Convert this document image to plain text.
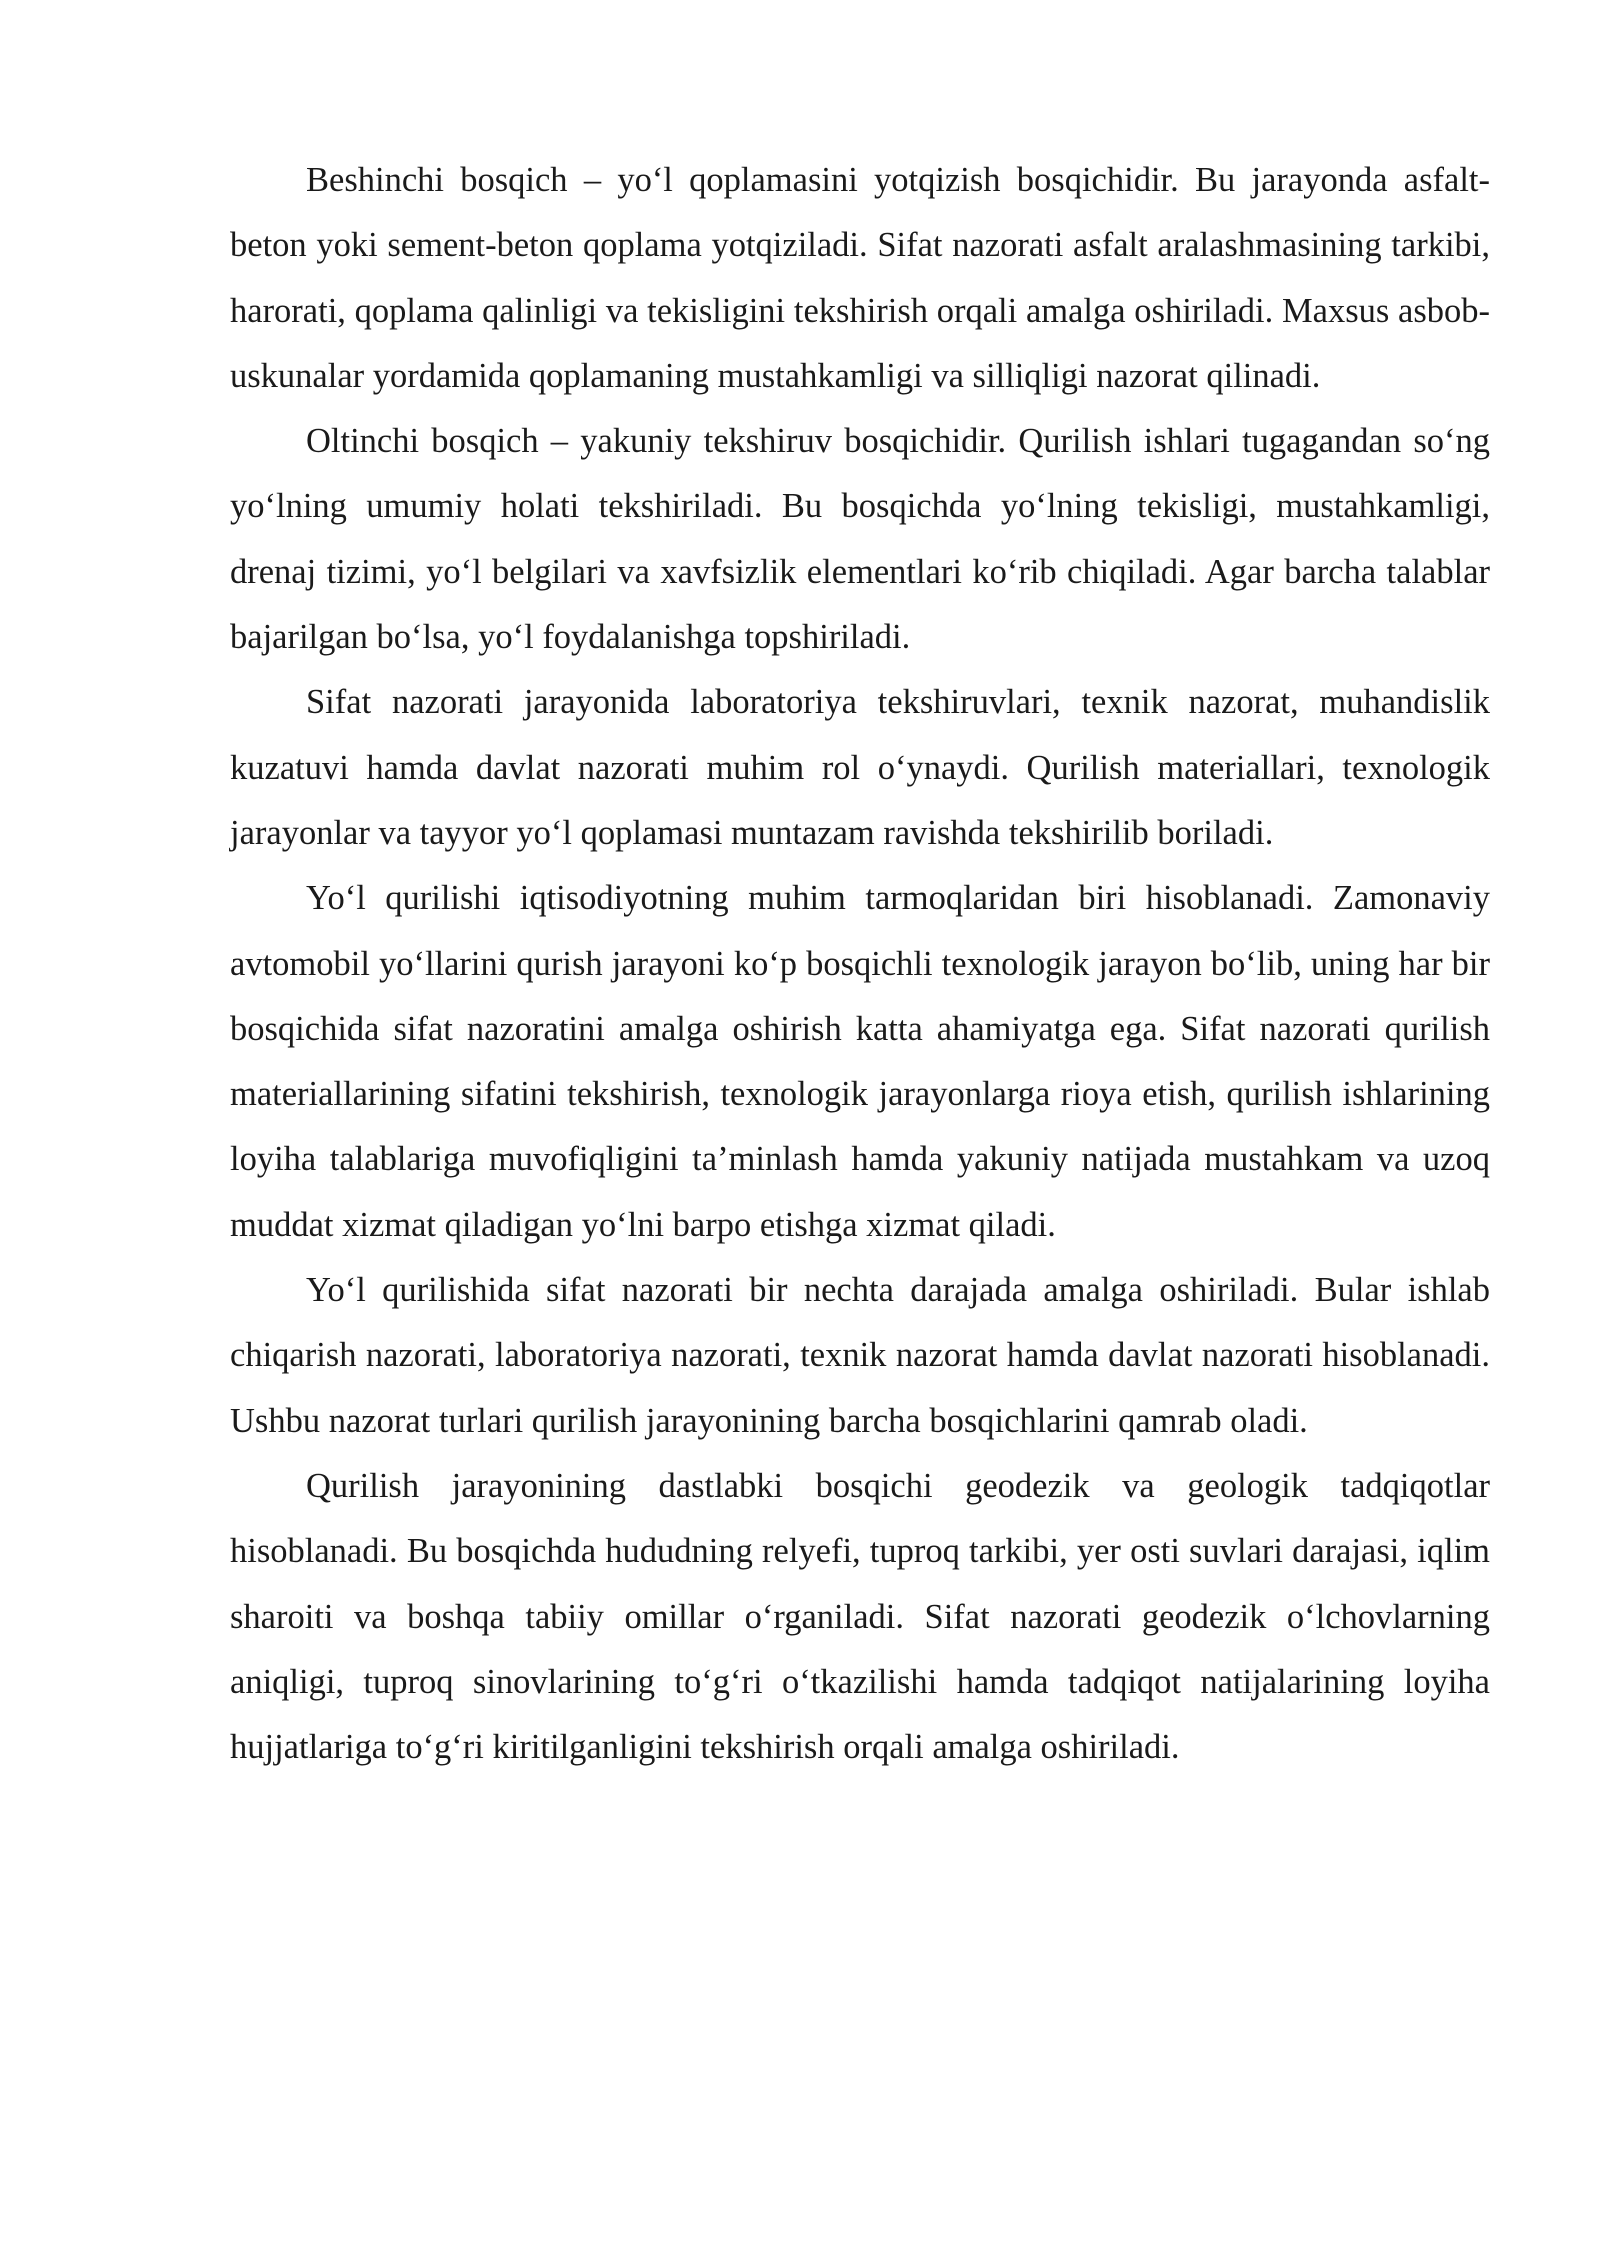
Beshinchi bosqich – yo‘l qoplamasini yotqizish bosqichidir. Bu jarayonda asfalt-beton yoki sement-beton qoplama yotqiziladi. Sifat nazorati asfalt aralashmasining tarkibi, harorati, qoplama qalinligi va tekisligini tekshirish orqali amalga oshiriladi. Maxsus asbob-uskunalar yordamida qoplamaning mustahkamligi va silliqligi nazorat qilinadi.

Oltinchi bosqich – yakuniy tekshiruv bosqichidir. Qurilish ishlari tugagandan so‘ng yo‘lning umumiy holati tekshiriladi. Bu bosqichda yo‘lning tekisligi, mustahkamligi, drenaj tizimi, yo‘l belgilari va xavfsizlik elementlari ko‘rib chiqiladi. Agar barcha talablar bajarilgan bo‘lsa, yo‘l foydalanishga topshiriladi.

Sifat nazorati jarayonida laboratoriya tekshiruvlari, texnik nazorat, muhandislik kuzatuvi hamda davlat nazorati muhim rol o‘ynaydi. Qurilish materiallari, texnologik jarayonlar va tayyor yo‘l qoplamasi muntazam ravishda tekshirilib boriladi.

Yo‘l qurilishi iqtisodiyotning muhim tarmoqlaridan biri hisoblanadi. Zamonaviy avtomobil yo‘llarini qurish jarayoni ko‘p bosqichli texnologik jarayon bo‘lib, uning har bir bosqichida sifat nazoratini amalga oshirish katta ahamiyatga ega. Sifat nazorati qurilish materiallarining sifatini tekshirish, texnologik jarayonlarga rioya etish, qurilish ishlarining loyiha talablariga muvofiqligini ta’minlash hamda yakuniy natijada mustahkam va uzoq muddat xizmat qiladigan yo‘lni barpo etishga xizmat qiladi.

Yo‘l qurilishida sifat nazorati bir nechta darajada amalga oshiriladi. Bular ishlab chiqarish nazorati, laboratoriya nazorati, texnik nazorat hamda davlat nazorati hisoblanadi. Ushbu nazorat turlari qurilish jarayonining barcha bosqichlarini qamrab oladi.

Qurilish jarayonining dastlabki bosqichi geodezik va geologik tadqiqotlar hisoblanadi. Bu bosqichda hududning relyefi, tuproq tarkibi, yer osti suvlari darajasi, iqlim sharoiti va boshqa tabiiy omillar o‘rganiladi. Sifat nazorati geodezik o‘lchovlarning aniqligi, tuproq sinovlarining to‘g‘ri o‘tkazilishi hamda tadqiqot natijalarining loyiha hujjatlariga to‘g‘ri kiritilganligini tekshirish orqali amalga oshiriladi.
